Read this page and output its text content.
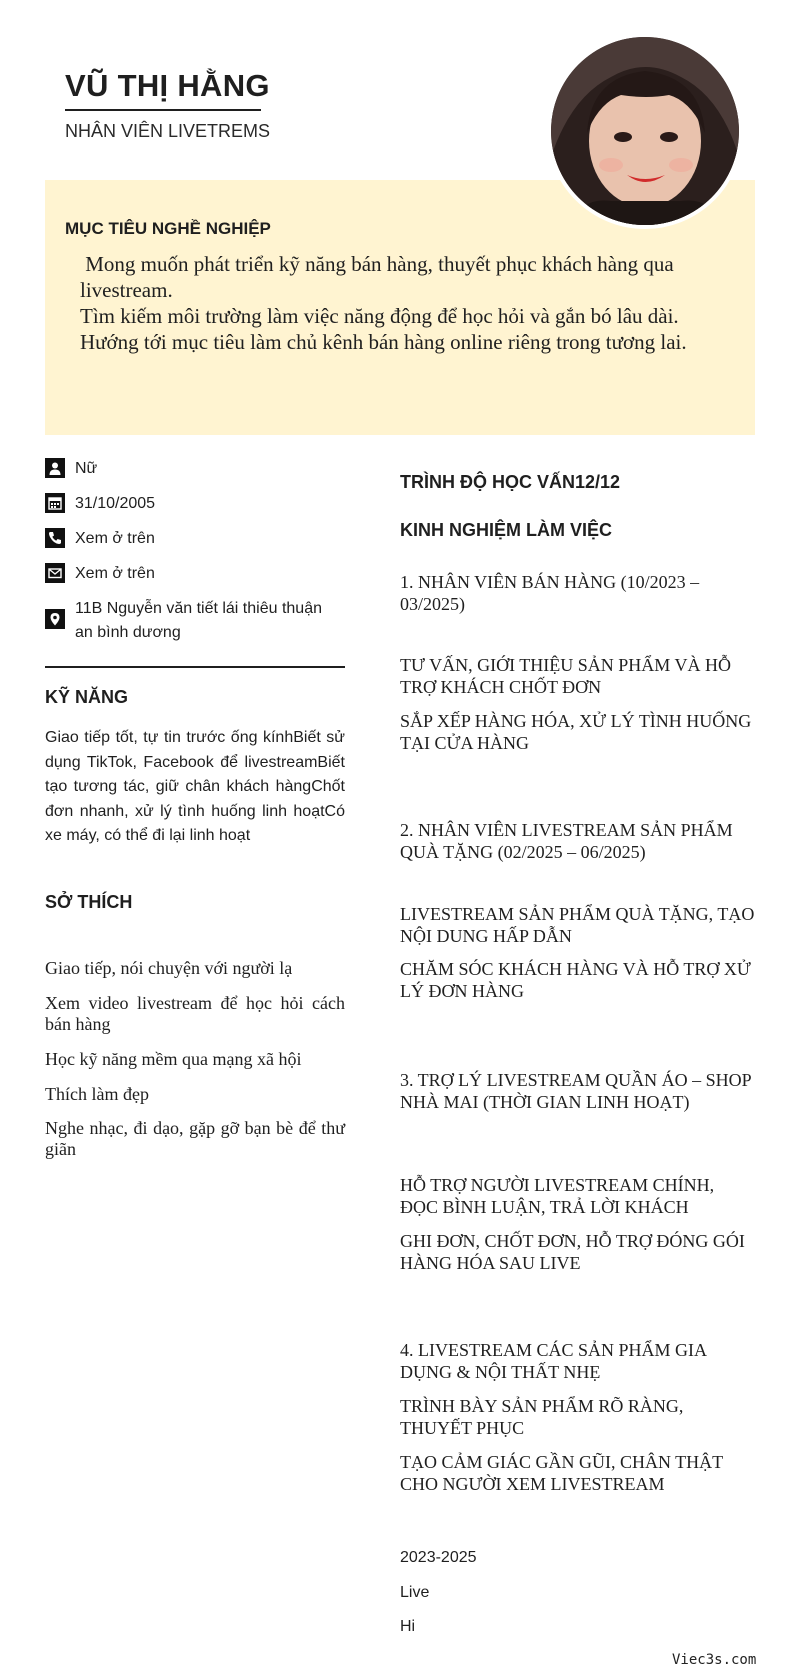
VŨ THỊ HẰNG
NHÂN VIÊN LIVETREMS
MỤC TIÊU NGHỀ NGHIỆP
Mong muốn phát triển kỹ năng bán hàng, thuyết phục khách hàng qua livestream.
Tìm kiếm môi trường làm việc năng động để học hỏi và gắn bó lâu dài.
Hướng tới mục tiêu làm chủ kênh bán hàng online riêng trong tương lai.
Nữ
31/10/2005
Xem ở trên
Xem ở trên
11B Nguyễn văn tiết lái thiêu thuận an bình dương
KỸ NĂNG
Giao tiếp tốt, tự tin trước ống kínhBiết sử dụng TikTok, Facebook để livestreamBiết tạo tương tác, giữ chân khách hàngChốt đơn nhanh, xử lý tình huống linh hoạtCó xe máy, có thể đi lại linh hoạt
SỞ THÍCH
Giao tiếp, nói chuyện với người lạ
Xem video livestream để học hỏi cách bán hàng
Học kỹ năng mềm qua mạng xã hội
Thích làm đẹp
Nghe nhạc, đi dạo, gặp gỡ bạn bè để thư giãn
TRÌNH ĐỘ HỌC VẤN12/12
KINH NGHIỆM LÀM VIỆC
1. NHÂN VIÊN BÁN HÀNG (10/2023 – 03/2025)
TƯ VẤN, GIỚI THIỆU SẢN PHẨM VÀ HỖ TRỢ KHÁCH CHỐT ĐƠN
SẮP XẾP HÀNG HÓA, XỬ LÝ TÌNH HUỐNG TẠI CỬA HÀNG
2. NHÂN VIÊN LIVESTREAM SẢN PHẨM QUÀ TẶNG (02/2025 – 06/2025)
LIVESTREAM SẢN PHẨM QUÀ TẶNG, TẠO NỘI DUNG HẤP DẪN
CHĂM SÓC KHÁCH HÀNG VÀ HỖ TRỢ XỬ LÝ ĐƠN HÀNG
3. TRỢ LÝ LIVESTREAM QUẦN ÁO – SHOP NHÀ MAI (THỜI GIAN LINH HOẠT)
HỖ TRỢ NGƯỜI LIVESTREAM CHÍNH, ĐỌC BÌNH LUẬN, TRẢ LỜI KHÁCH
GHI ĐƠN, CHỐT ĐƠN, HỖ TRỢ ĐÓNG GÓI HÀNG HÓA SAU LIVE
4. LIVESTREAM CÁC SẢN PHẨM GIA DỤNG & NỘI THẤT NHẸ
TRÌNH BÀY SẢN PHẨM RÕ RÀNG, THUYẾT PHỤC
TẠO CẢM GIÁC GẦN GŨI, CHÂN THẬT CHO NGƯỜI XEM LIVESTREAM
2023-2025
Live
Hi
Viec3s.com
